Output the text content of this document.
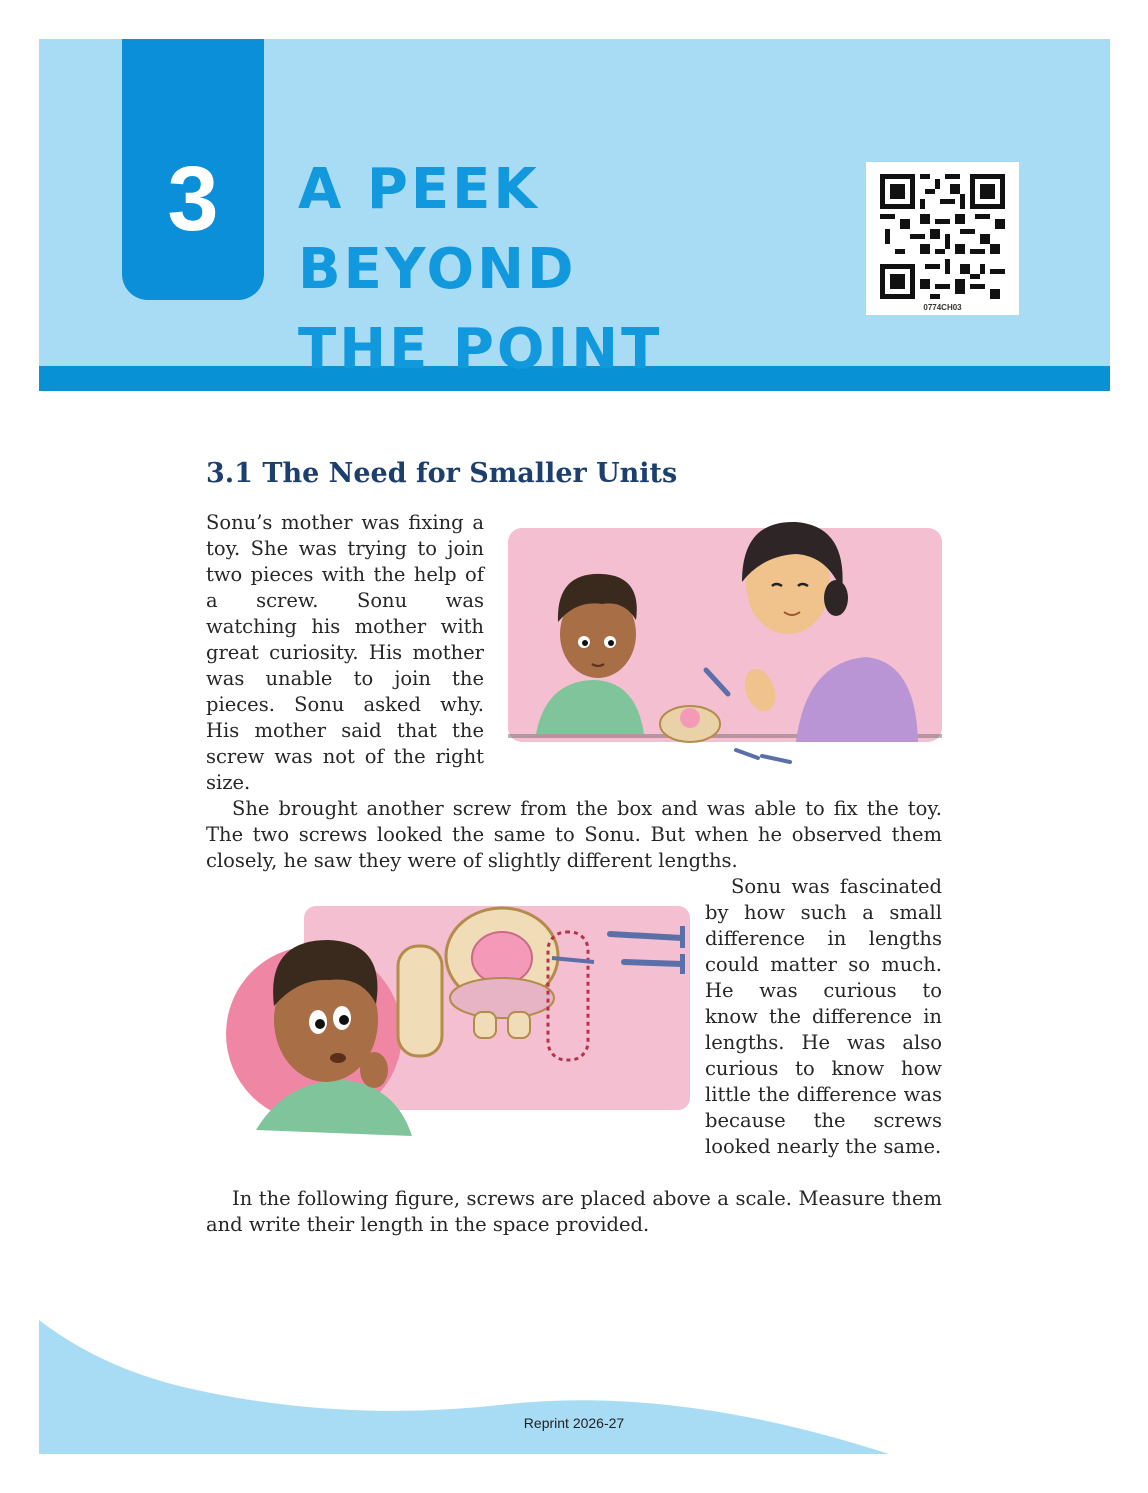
3 A PEEK BEYOND
THE POINT
0774CH03
3.1 The Need for Smaller Units

Sonu’s mother was fixing a toy. She was trying to join two pieces with the help of a screw. Sonu was watching his mother with great curiosity. His mother was unable to join the pieces. Sonu asked why. His mother said that the screw was not of the right size.

She brought another screw from the box and was able to fix the toy. The two screws looked the same to Sonu. But when he observed them closely, he saw they were of slightly different lengths.

Sonu was fascinated by how such a small difference in lengths could matter so much. He was curious to know the difference in lengths. He was also curious to know how little the difference was because the screws looked nearly the same.

In the following figure, screws are placed above a scale. Measure them and write their length in the space provided.

Reprint 2026-27
